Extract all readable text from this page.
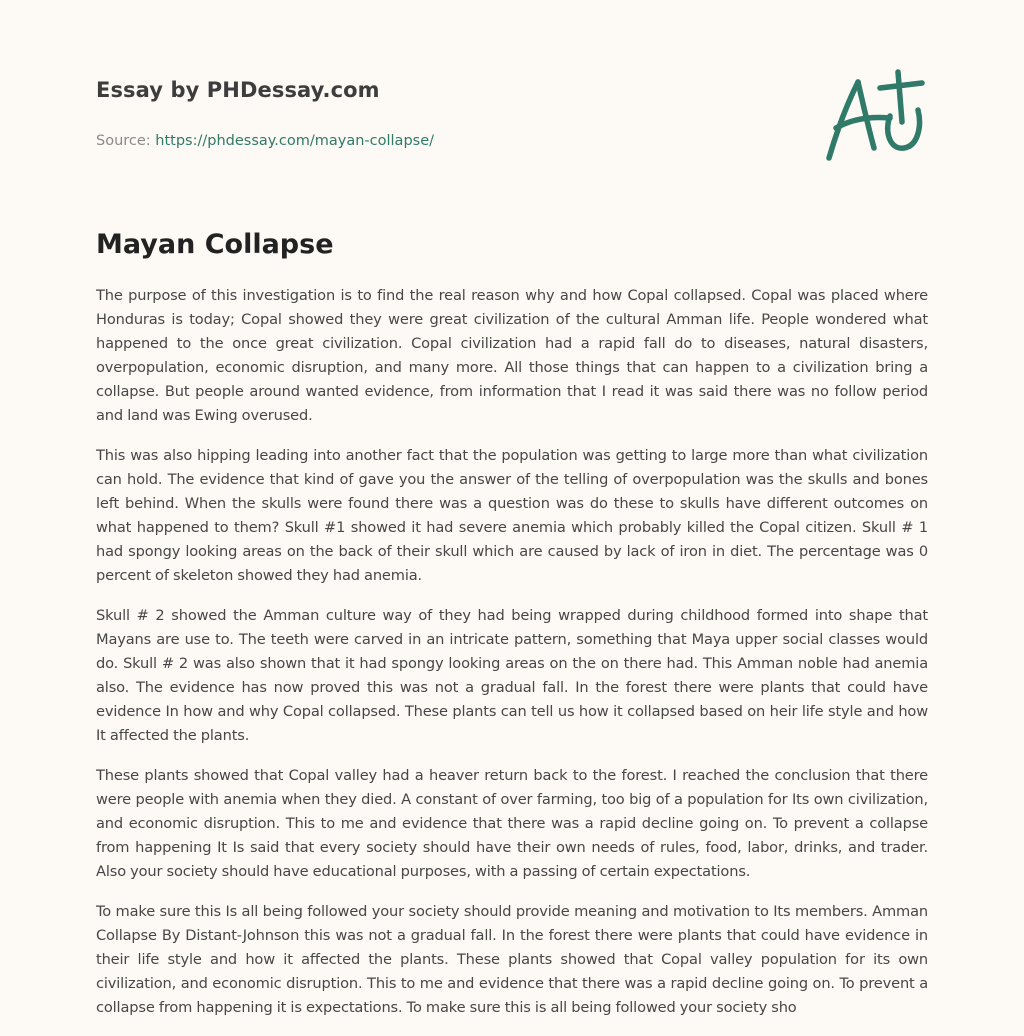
Essay by PHDessay.com
Source: https://phdessay.com/mayan-collapse/
Mayan Collapse

The purpose of this investigation is to find the real reason why and how Copal collapsed. Copal was placed where Honduras is today; Copal showed they were great civilization of the cultural Amman life. People wondered what happened to the once great civilization. Copal civilization had a rapid fall do to diseases, natural disasters, overpopulation, economic disruption, and many more. All those things that can happen to a civilization bring a collapse. But people around wanted evidence, from information that I read it was said there was no follow period and land was Ewing overused.

This was also hipping leading into another fact that the population was getting to large more than what civilization can hold. The evidence that kind of gave you the answer of the telling of overpopulation was the skulls and bones left behind. When the skulls were found there was a question was do these to skulls have different outcomes on what happened to them? Skull #1 showed it had severe anemia which probably killed the Copal citizen. Skull # 1 had spongy looking areas on the back of their skull which are caused by lack of iron in diet. The percentage was 0 percent of skeleton showed they had anemia.

Skull # 2 showed the Amman culture way of they had being wrapped during childhood formed into shape that Mayans are use to. The teeth were carved in an intricate pattern, something that Maya upper social classes would do. Skull # 2 was also shown that it had spongy looking areas on the on there had. This Amman noble had anemia also. The evidence has now proved this was not a gradual fall. In the forest there were plants that could have evidence In how and why Copal collapsed. These plants can tell us how it collapsed based on heir life style and how It affected the plants.

These plants showed that Copal valley had a heaver return back to the forest. I reached the conclusion that there were people with anemia when they died. A constant of over farming, too big of a population for Its own civilization, and economic disruption. This to me and evidence that there was a rapid decline going on. To prevent a collapse from happening It Is said that every society should have their own needs of rules, food, labor, drinks, and trader. Also your society should have educational purposes, with a passing of certain expectations.

To make sure this Is all being followed your society should provide meaning and motivation to Its members. Amman Collapse By Distant-Johnson this was not a gradual fall. In the forest there were plants that could have evidence in their life style and how it affected the plants. These plants showed that Copal valley population for its own civilization, and economic disruption. This to me and evidence that there was a rapid decline going on. To prevent a collapse from happening it is expectations. To make sure this is all being followed your society sho
